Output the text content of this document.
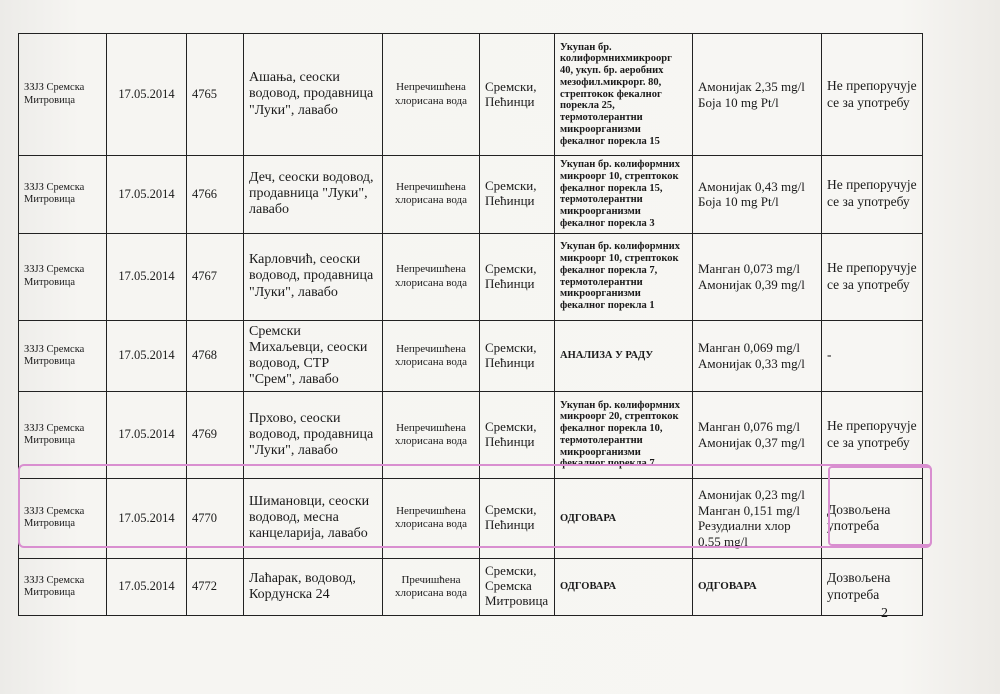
ЗЗЈЗ Сремска Митровица	17.05.2014	4765	Ашања, сеоски водовод, продавница "Луки", лавабо	Непречишћена хлорисана вода	Сремски, Пећинци	Укупан бр. колиформнихмикроорг 40, укуп. бр. аеробних мезофил.микрорг. 80, стрептокок фекалног порекла 25, термотолерантни микроорганизми фекалног порекла 15	Амонијак 2,35 mg/l Боја 10 mg Pt/l	Не препоручује се за употребу
ЗЗЈЗ Сремска Митровица	17.05.2014	4766	Деч, сеоски водовод, продавница "Луки", лавабо	Непречишћена хлорисана вода	Сремски, Пећинци	Укупан бр. колиформних микроорг 10, стрептокок фекалног порекла 15, термотолерантни микроорганизми фекалног порекла 3	Амонијак 0,43 mg/l Боја 10 mg Pt/l	Не препоручује се за употребу
ЗЗЈЗ Сремска Митровица	17.05.2014	4767	Карловчић, сеоски водовод, продавница "Луки", лавабо	Непречишћена хлорисана вода	Сремски, Пећинци	Укупан бр. колиформних микроорг 10, стрептокок фекалног порекла 7, термотолерантни микроорганизми фекалног порекла 1	Манган 0,073 mg/l Амонијак 0,39 mg/l	Не препоручује се за употребу
ЗЗЈЗ Сремска Митровица	17.05.2014	4768	Сремски Михаљевци, сеоски водовод, СТР "Срем", лавабо	Непречишћена хлорисана вода	Сремски, Пећинци	АНАЛИЗА У РАДУ	Манган 0,069 mg/l Амонијак 0,33 mg/l	-
ЗЗЈЗ Сремска Митровица	17.05.2014	4769	Прхово, сеоски водовод, продавница "Луки", лавабо	Непречишћена хлорисана вода	Сремски, Пећинци	Укупан бр. колиформних микроорг 20, стрептокок фекалног порекла 10, термотолерантни микроорганизми фекалног порекла 7	Манган 0,076 mg/l Амонијак 0,37 mg/l	Не препоручује се за употребу
ЗЗЈЗ Сремска Митровица	17.05.2014	4770	Шимановци, сеоски водовод, месна канцеларија, лавабо	Непречишћена хлорисана вода	Сремски, Пећинци	ОДГОВАРА	Амонијак 0,23 mg/l Манган 0,151 mg/l Резудиални хлор 0,55 mg/l	Дозвољена употреба
ЗЗЈЗ Сремска Митровица	17.05.2014	4772	Лаћарак, водовод, Кордунска 24	Пречишћена хлорисана вода	Сремски, Сремска Митровица	ОДГОВАРА	ОДГОВАРА	Дозвољена употреба
2
